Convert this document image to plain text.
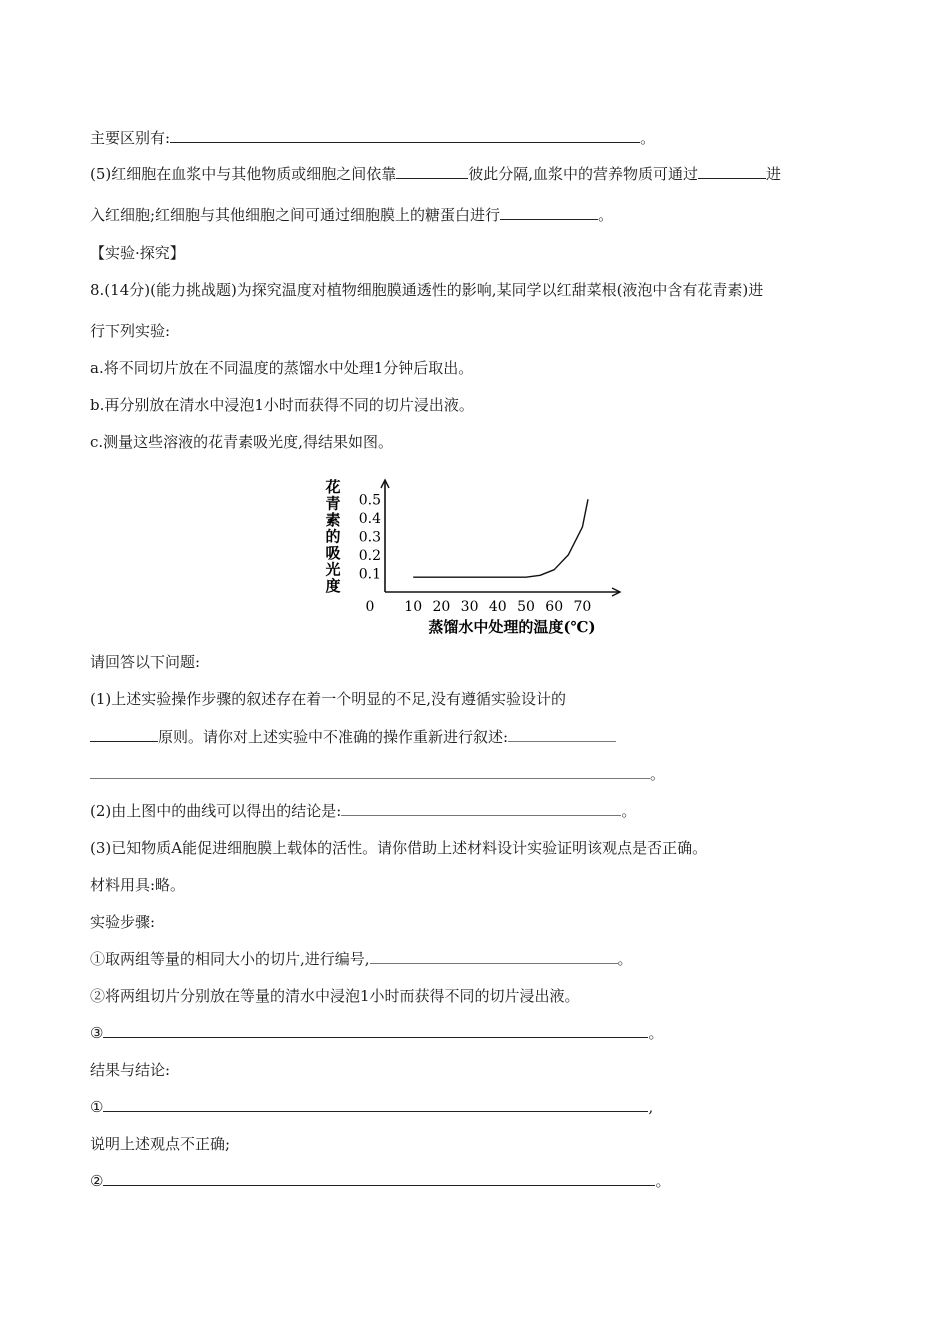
主要区别有:	。
(5)红细胞在血浆中与其他物质或细胞之间依靠	彼此分隔,血浆中的营养物质可通过	进
入红细胞;红细胞与其他细胞之间可通过细胞膜上的糖蛋白进行	。
【实验·探究】
8.(14分)(能力挑战题)为探究温度对植物细胞膜通透性的影响,某同学以红甜菜根(液泡中含有花青素)进
行下列实验:
a.将不同切片放在不同温度的蒸馏水中处理1分钟后取出。
b.再分别放在清水中浸泡1小时而获得不同的切片浸出液。
c.测量这些溶液的花青素吸光度,得结果如图。
花
青
素
的
吸
光
度
0.1
0.2
0.3
0.4
0.5
0 10 20 30 40 50 60 70
蒸馏水中处理的温度(℃)
请回答以下问题:
(1)上述实验操作步骤的叙述存在着一个明显的不足,没有遵循实验设计的
原则。请你对上述实验中不准确的操作重新进行叙述:
。
(2)由上图中的曲线可以得出的结论是:	。
(3)已知物质A能促进细胞膜上载体的活性。请你借助上述材料设计实验证明该观点是否正确。
材料用具:略。
实验步骤:
①取两组等量的相同大小的切片,进行编号,	。
②将两组切片分别放在等量的清水中浸泡1小时而获得不同的切片浸出液。
③	。
结果与结论:
①	,
说明上述观点不正确;
②	。
